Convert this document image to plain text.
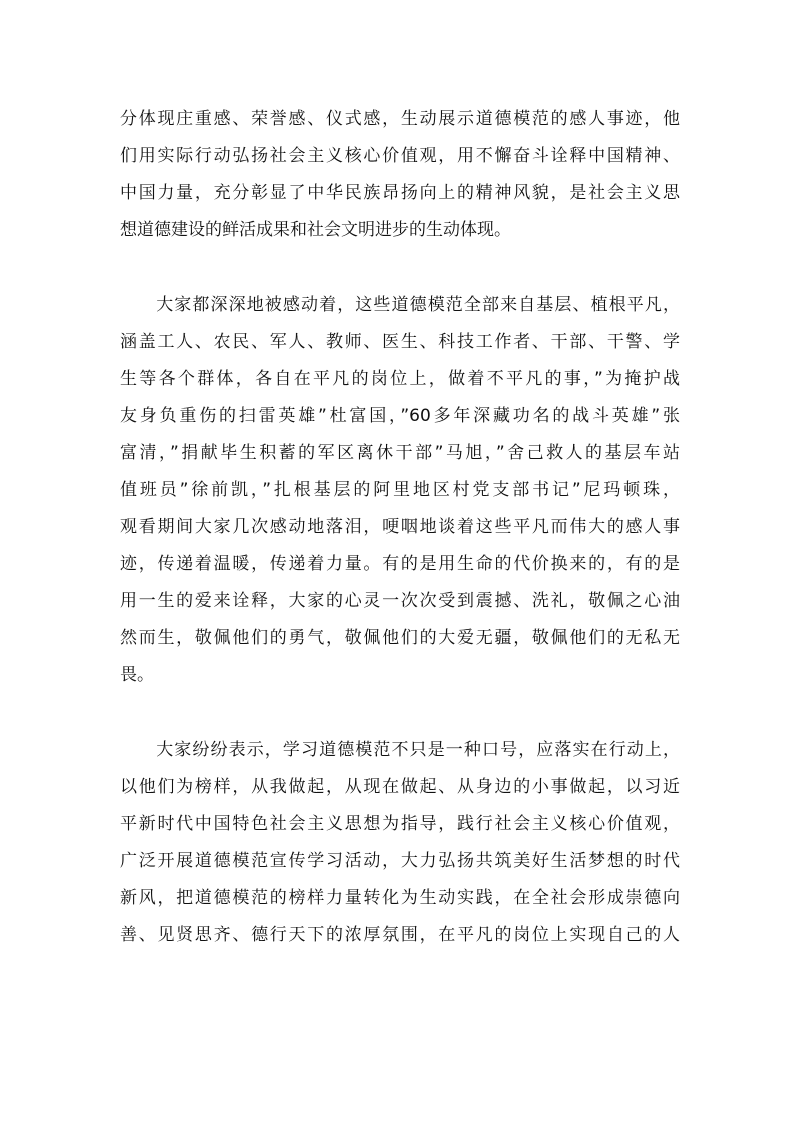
分体现庄重感、荣誉感、仪式感，生动展示道德模范的感人事迹，他
们用实际行动弘扬社会主义核心价值观，用不懈奋斗诠释中国精神、
中国力量，充分彰显了中华民族昂扬向上的精神风貌，是社会主义思
想道德建设的鲜活成果和社会文明进步的生动体现。
　　大家都深深地被感动着，这些道德模范全部来自基层、植根平凡，
涵盖工人、农民、军人、教师、医生、科技工作者、干部、干警、学
生等各个群体，各自在平凡的岗位上，做着不平凡的事，”为掩护战
友身负重伤的扫雷英雄”杜富国，”60多年深藏功名的战斗英雄”张
富清，”捐献毕生积蓄的军区离休干部”马旭，”舍己救人的基层车站
值班员”徐前凯，”扎根基层的阿里地区村党支部书记”尼玛顿珠，
观看期间大家几次感动地落泪，哽咽地谈着这些平凡而伟大的感人事
迹，传递着温暖，传递着力量。有的是用生命的代价换来的，有的是
用一生的爱来诠释，大家的心灵一次次受到震撼、洗礼，敬佩之心油
然而生，敬佩他们的勇气，敬佩他们的大爱无疆，敬佩他们的无私无
畏。
　　大家纷纷表示，学习道德模范不只是一种口号，应落实在行动上，
以他们为榜样，从我做起，从现在做起、从身边的小事做起，以习近
平新时代中国特色社会主义思想为指导，践行社会主义核心价值观，
广泛开展道德模范宣传学习活动，大力弘扬共筑美好生活梦想的时代
新风，把道德模范的榜样力量转化为生动实践，在全社会形成崇德向
善、见贤思齐、德行天下的浓厚氛围，在平凡的岗位上实现自己的人
